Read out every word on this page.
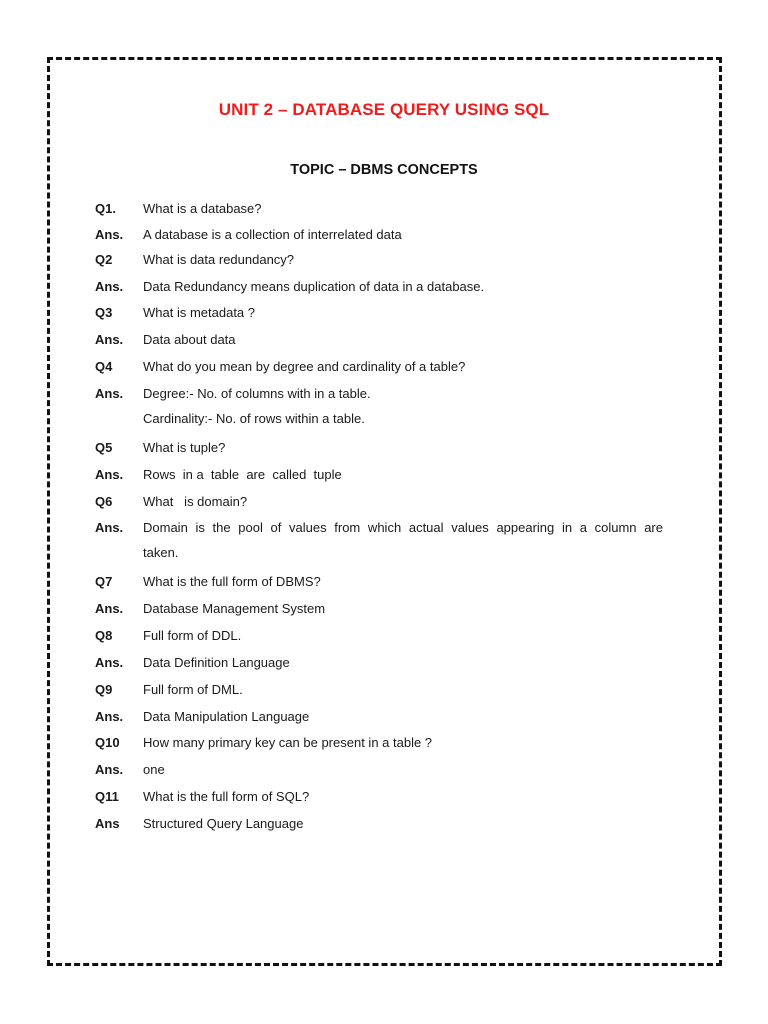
UNIT 2 – DATABASE QUERY USING SQL
TOPIC – DBMS CONCEPTS
Q1. What is a database?
Ans. A database is a collection of interrelated data
Q2 What is data redundancy?
Ans. Data Redundancy means duplication of data in a database.
Q3 What is metadata ?
Ans. Data about data
Q4 What do you mean by degree and cardinality of a table?
Ans. Degree:- No. of columns with in a table.
Cardinality:- No. of rows within a table.
Q5 What is tuple?
Ans. Rows  in a  table  are  called  tuple
Q6 What   is domain?
Ans. Domain is the pool of values from which actual values appearing in a column are
taken.
Q7 What is the full form of DBMS?
Ans. Database Management System
Q8 Full form of DDL.
Ans. Data Definition Language
Q9 Full form of DML.
Ans. Data Manipulation Language
Q10 How many primary key can be present in a table ?
Ans. one
Q11 What is the full form of SQL?
Ans Structured Query Language
